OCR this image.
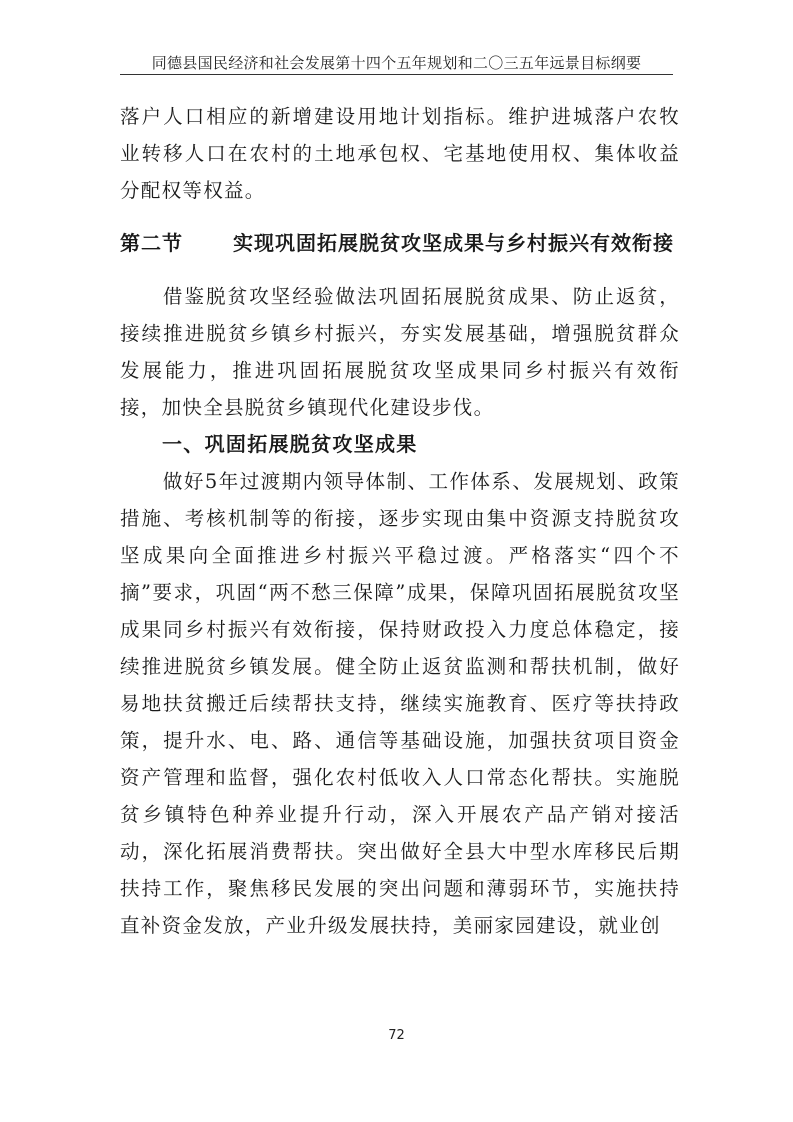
同德县国民经济和社会发展第十四个五年规划和二〇三五年远景目标纲要

落户人口相应的新增建设用地计划指标。维护进城落户农牧业转移人口在农村的土地承包权、宅基地使用权、集体收益分配权等权益。

第二节	实现巩固拓展脱贫攻坚成果与乡村振兴有效衔接

借鉴脱贫攻坚经验做法巩固拓展脱贫成果、防止返贫，接续推进脱贫乡镇乡村振兴，夯实发展基础，增强脱贫群众发展能力，推进巩固拓展脱贫攻坚成果同乡村振兴有效衔接，加快全县脱贫乡镇现代化建设步伐。

一、巩固拓展脱贫攻坚成果

做好5年过渡期内领导体制、工作体系、发展规划、政策措施、考核机制等的衔接，逐步实现由集中资源支持脱贫攻坚成果向全面推进乡村振兴平稳过渡。严格落实“四个不摘”要求，巩固“两不愁三保障”成果，保障巩固拓展脱贫攻坚成果同乡村振兴有效衔接，保持财政投入力度总体稳定，接续推进脱贫乡镇发展。健全防止返贫监测和帮扶机制，做好易地扶贫搬迁后续帮扶支持，继续实施教育、医疗等扶持政策，提升水、电、路、通信等基础设施，加强扶贫项目资金资产管理和监督，强化农村低收入人口常态化帮扶。实施脱贫乡镇特色种养业提升行动，深入开展农产品产销对接活动，深化拓展消费帮扶。突出做好全县大中型水库移民后期扶持工作，聚焦移民发展的突出问题和薄弱环节，实施扶持直补资金发放，产业升级发展扶持，美丽家园建设，就业创

72
